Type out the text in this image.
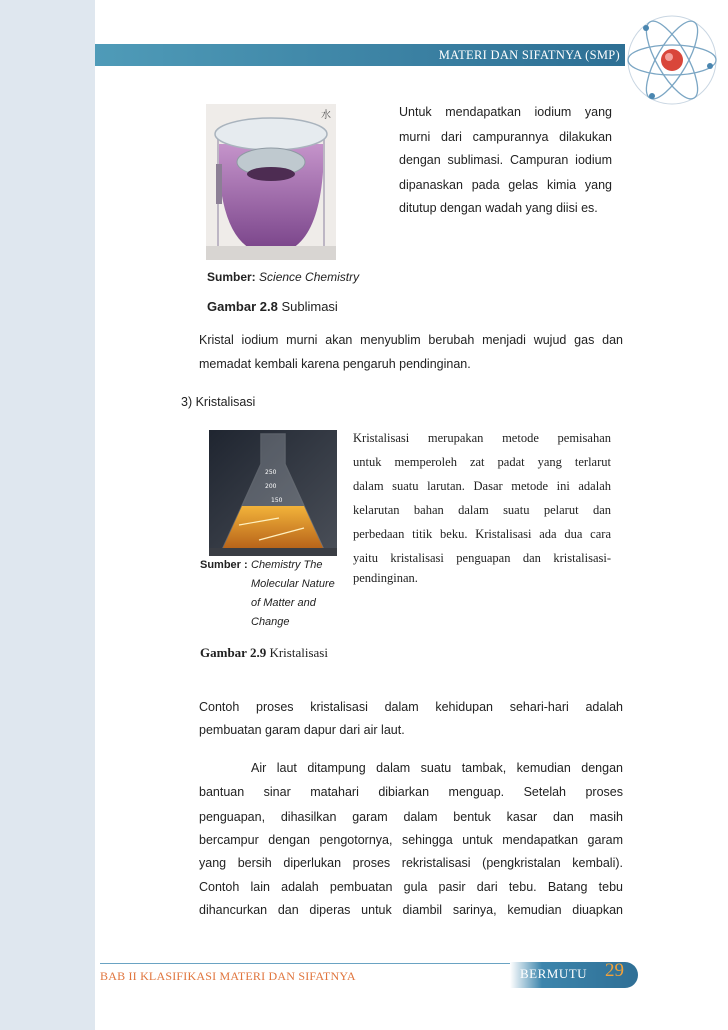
MATERI DAN SIFATNYA (SMP)
水	Untuk mendapatkan iodium yang
murni dari campurannya dilakukan
dengan sublimasi. Campuran iodium
dipanaskan pada gelas kimia yang
ditutup dengan wadah yang diisi es.
Sumber: Science Chemistry
Gambar 2.8 Sublimasi
Kristal iodium murni akan menyublim berubah menjadi wujud gas dan
memadat kembali karena pengaruh pendinginan.
3) Kristalisasi
250
200
150
Kristalisasi merupakan metode pemisahan
untuk memperoleh zat padat yang terlarut
dalam suatu larutan. Dasar metode ini adalah
kelarutan bahan dalam suatu pelarut dan
perbedaan titik beku. Kristalisasi ada dua cara
yaitu kristalisasi penguapan dan kristalisasi-
pendinginan.
Sumber : Chemistry The
Molecular Nature
of Matter and
Change
Gambar 2.9 Kristalisasi
Contoh proses kristalisasi dalam kehidupan sehari-hari adalah
pembuatan garam dapur dari air laut.
Air laut ditampung dalam suatu tambak, kemudian dengan
bantuan sinar matahari dibiarkan menguap. Setelah proses
penguapan, dihasilkan garam dalam bentuk kasar dan masih
bercampur dengan pengotornya, sehingga untuk mendapatkan garam
yang bersih diperlukan proses rekristalisasi (pengkristalan kembali).
Contoh lain adalah pembuatan gula pasir dari tebu. Batang tebu
dihancurkan dan diperas untuk diambil sarinya, kemudian diuapkan
BAB II KLASIFIKASI MATERI DAN SIFATNYA	BERMUTU 29
